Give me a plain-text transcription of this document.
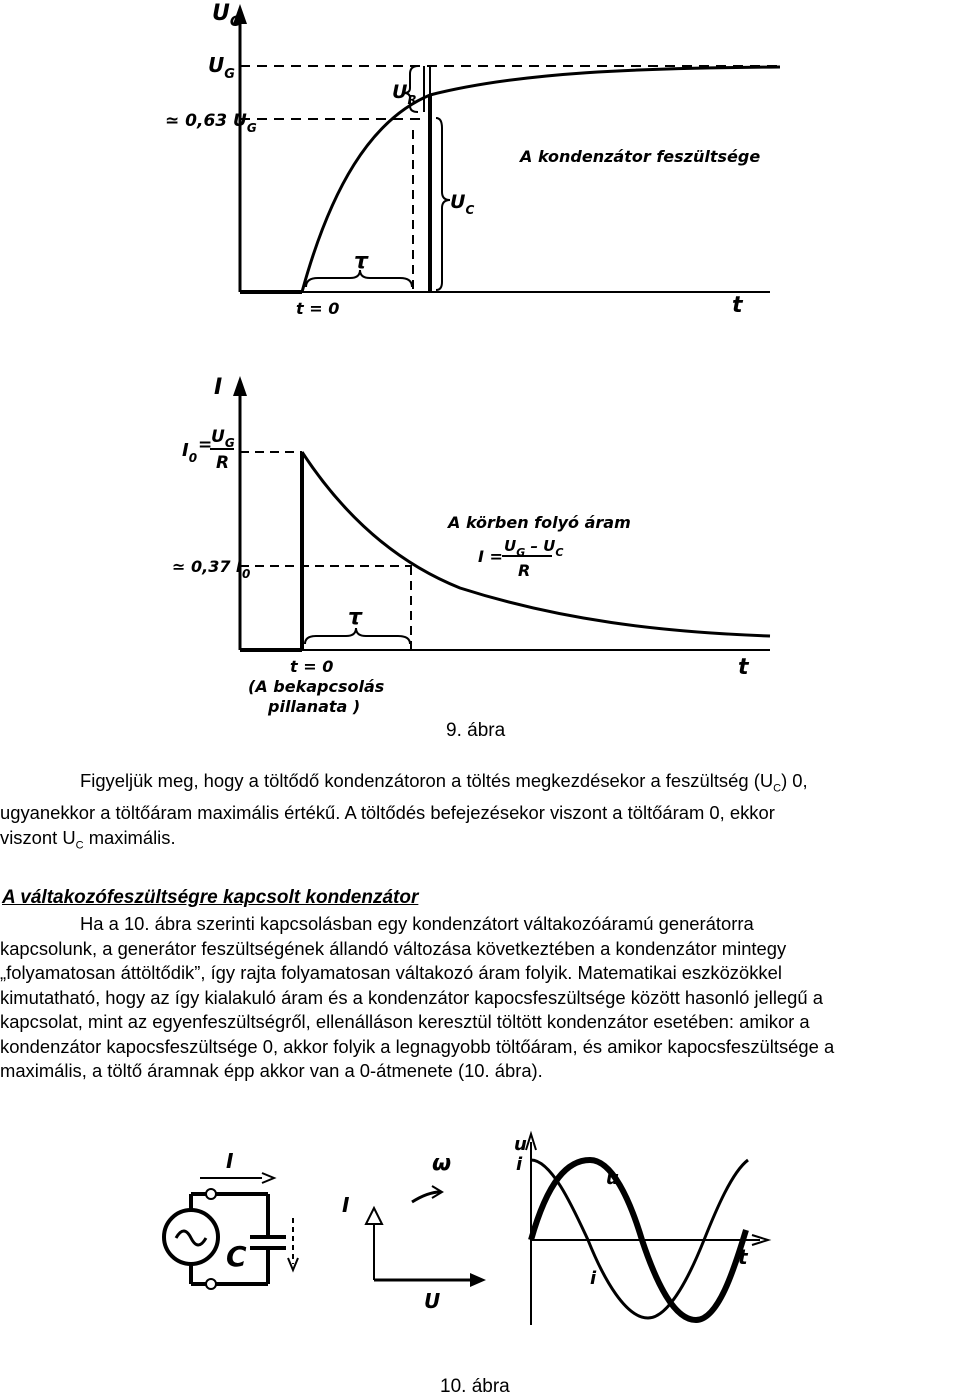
$U_C$
t
$U_G$
≃ 0,63 $U_G$
$U_R$
$U_C$
τ
t = 0
A kondenzátor feszültsége
I
t
$I_0$
=
$U_G$
R
≃ 0,37 $I_0$
τ
t = 0
(A bekapcsolás
pillanata )
A körben folyó áram
I =
$U_G - U_C$
R
9. ábra
Figyeljük meg, hogy a töltődő kondenzátoron a töltés megkezdésekor a feszültség $(U_C)$ 0,
ugyanekkor a töltőáram maximális értékű. A töltődés befejezésekor viszont a töltőáram 0, ekkor
viszont $U_C$ maximális.
A váltakozófeszültségre kapcsolt kondenzátor
Ha a 10. ábra szerinti kapcsolásban egy kondenzátort váltakozóáramú generátorra
kapcsolunk, a generátor feszültségének állandó változása következtében a kondenzátor mintegy
„folyamatosan áttöltődik”, így rajta folyamatosan váltakozó áram folyik. Matematikai eszközökkel
kimutatható, hogy az így kialakuló áram és a kondenzátor kapocsfeszültsége között hasonló jellegű a
kapcsolat, mint az egyenfeszültségről, ellenálláson keresztül töltött kondenzátor esetében: amikor a
kondenzátor kapocsfeszültsége 0, akkor folyik a legnagyobb töltőáram, és amikor kapocsfeszültsége a
maximális, a töltő áramnak épp akkor van a 0-átmenete (10. ábra).
I
C
I
U
ω
u
i
u
i
t
10. ábra
